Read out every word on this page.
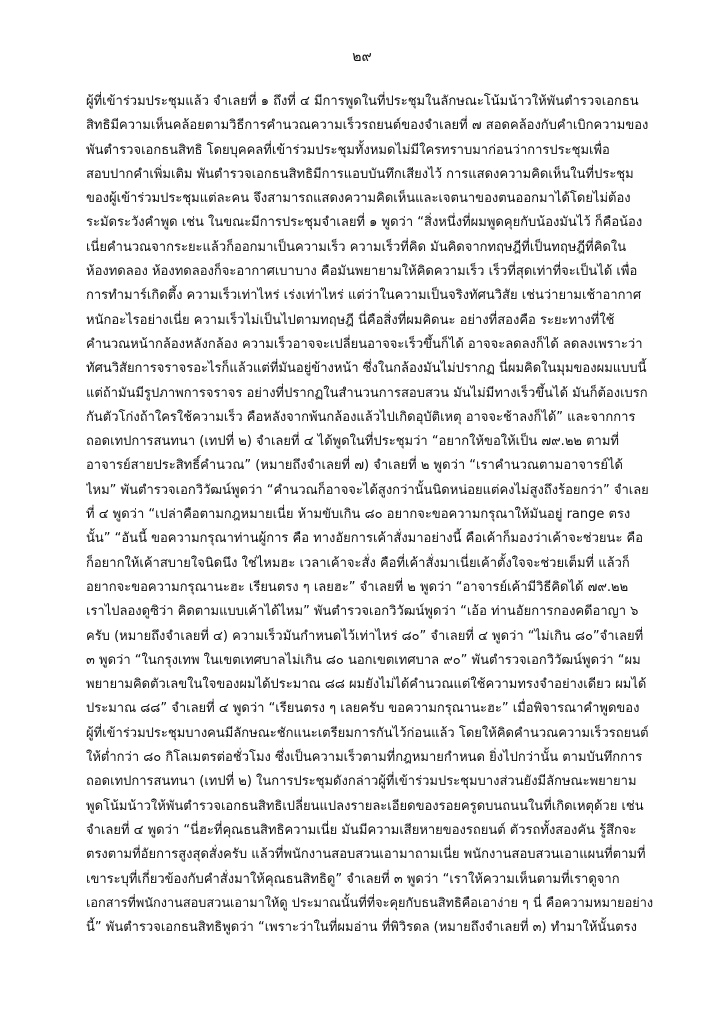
๒๙
ผู้ที่เข้าร่วมประชุมแล้ว จำเลยที่ ๑ ถึงที่ ๔ มีการพูดในที่ประชุมในลักษณะโน้มน้าวให้พันตำรวจเอกธน
สิทธิมีความเห็นคล้อยตามวิธีการคำนวณความเร็วรถยนต์ของจำเลยที่ ๗ สอดคล้องกับคำเบิกความของ
พันตำรวจเอกธนสิทธิ โดยบุคคลที่เข้าร่วมประชุมทั้งหมดไม่มีใครทราบมาก่อนว่าการประชุมเพื่อ
สอบปากคำเพิ่มเติม พันตำรวจเอกธนสิทธิมีการแอบบันทึกเสียงไว้ การแสดงความคิดเห็นในที่ประชุม
ของผู้เข้าร่วมประชุมแต่ละคน จึงสามารถแสดงความคิดเห็นและเจตนาของตนออกมาได้โดยไม่ต้อง
ระมัดระวังคำพูด เช่น ในขณะมีการประชุมจำเลยที่ ๑ พูดว่า “สิ่งหนึ่งที่ผมพูดคุยกับน้องมันไว้ ก็คือน้อง
เนี่ยคำนวณจากระยะแล้วก็ออกมาเป็นความเร็ว ความเร็วที่คิด มันคิดจากทฤษฎีที่เป็นทฤษฎีที่คิดใน
ห้องทดลอง ห้องทดลองก็จะอากาศเบาบาง คือมันพยายามให้คิดความเร็ว เร็วที่สุดเท่าที่จะเป็นได้ เพื่อ
การทำมาร์เกิดตึ้ง ความเร็วเท่าไหร่ เร่งเท่าไหร่ แต่ว่าในความเป็นจริงทัศนวิสัย เช่นว่ายามเช้าอากาศ
หนักอะไรอย่างเนี่ย ความเร็วไม่เป็นไปตามทฤษฎี นี่คือสิ่งที่ผมคิดนะ อย่างที่สองคือ ระยะทางที่ใช้
คำนวณหน้ากล้องหลังกล้อง ความเร็วอาจจะเปลี่ยนอาจจะเร็วขึ้นก็ได้ อาจจะลดลงก็ได้ ลดลงเพราะว่า
ทัศนวิสัยการจราจรอะไรก็แล้วแต่ที่มันอยู่ข้างหน้า ซึ่งในกล้องมันไม่ปรากฏ นี่ผมคิดในมุมของผมแบบนี้
แต่ถ้ามันมีรูปภาพการจราจร อย่างที่ปรากฏในสำนวนการสอบสวน มันไม่มีทางเร็วขึ้นได้ มันก็ต้องเบรก
กันตัวโก่งถ้าใครใช้ความเร็ว คือหลังจากพ้นกล้องแล้วไปเกิดอุบัติเหตุ อาจจะช้าลงก็ได้” และจากการ
ถอดเทปการสนทนา (เทปที่ ๒) จำเลยที่ ๔ ได้พูดในที่ประชุมว่า “อยากให้ขอให้เป็น ๗๙.๒๒ ตามที่
อาจารย์สายประสิทธิ์คำนวณ” (หมายถึงจำเลยที่ ๗) จำเลยที่ ๒ พูดว่า “เราคำนวณตามอาจารย์ได้
ไหม” พันตำรวจเอกวิวัฒน์พูดว่า “คำนวณก็อาจจะได้สูงกว่านั้นนิดหน่อยแต่คงไม่สูงถึงร้อยกว่า” จำเลย
ที่ ๔ พูดว่า “เปล่าคือตามกฎหมายเนี่ย ห้ามขับเกิน ๘๐ อยากจะขอความกรุณาให้มันอยู่ range ตรง
นั้น” “อันนี้ ขอความกรุณาท่านผู้การ คือ ทางอัยการเค้าสั่งมาอย่างนี้ คือเค้าก็มองว่าเค้าจะช่วยนะ คือ
ก็อยากให้เค้าสบายใจนิดนึง ใช่ไหมฮะ เวลาเค้าจะสั่ง คือที่เค้าสั่งมาเนี่ยเค้าตั้งใจจะช่วยเต็มที่ แล้วก็
อยากจะขอความกรุณานะฮะ เรียนตรง ๆ เลยฮะ” จำเลยที่ ๒ พูดว่า “อาจารย์เค้ามีวิธีคิดได้ ๗๙.๒๒
เราไปลองดูซิว่า คิดตามแบบเค้าได้ไหม” พันตำรวจเอกวิวัฒน์พูดว่า “เอ้อ ท่านอัยการกองคดีอาญา ๖
ครับ (หมายถึงจำเลยที่ ๔) ความเร็วมันกำหนดไว้เท่าไหร่ ๘๐” จำเลยที่ ๔ พูดว่า “ไม่เกิน ๘๐”จำเลยที่
๓ พูดว่า “ในกรุงเทพ ในเขตเทศบาลไม่เกิน ๘๐ นอกเขตเทศบาล ๙๐” พันตำรวจเอกวิวัฒน์พูดว่า “ผม
พยายามคิดตัวเลขในใจของผมได้ประมาณ ๘๘ ผมยังไม่ได้คำนวณแต่ใช้ความทรงจำอย่างเดียว ผมได้
ประมาณ ๘๘” จำเลยที่ ๔ พูดว่า “เรียนตรง ๆ เลยครับ ขอความกรุณานะฮะ” เมื่อพิจารณาคำพูดของ
ผู้ที่เข้าร่วมประชุมบางคนมีลักษณะชักแนะเตรียมการกันไว้ก่อนแล้ว โดยให้คิดคำนวณความเร็วรถยนต์
ให้ต่ำกว่า ๘๐ กิโลเมตรต่อชั่วโมง ซึ่งเป็นความเร็วตามที่กฎหมายกำหนด ยิ่งไปกว่านั้น ตามบันทึกการ
ถอดเทปการสนทนา (เทปที่ ๒) ในการประชุมดังกล่าวผู้ที่เข้าร่วมประชุมบางส่วนยังมีลักษณะพยายาม
พูดโน้มน้าวให้พันตำรวจเอกธนสิทธิเปลี่ยนแปลงรายละเอียดของรอยครูดบนถนนในที่เกิดเหตุด้วย เช่น
จำเลยที่ ๔ พูดว่า “นี่ฮะที่คุณธนสิทธิความเนี่ย มันมีความเสียหายของรถยนต์ ตัวรถทั้งสองคัน รู้สึกจะ
ตรงตามที่อัยการสูงสุดสั่งครับ แล้วที่พนักงานสอบสวนเอามาถามเนี่ย พนักงานสอบสวนเอาแผนที่ตามที่
เขาระบุที่เกี่ยวข้องกับคำสั่งมาให้คุณธนสิทธิดู” จำเลยที่ ๓ พูดว่า “เราให้ความเห็นตามที่เราดูจาก
เอกสารที่พนักงานสอบสวนเอามาให้ดู ประมาณนั้นที่ที่จะคุยกับธนสิทธิคือเอาง่าย ๆ นี่ คือความหมายอย่าง
นี้” พันตำรวจเอกธนสิทธิพูดว่า “เพราะว่าในที่ผมอ่าน ที่พิวิรดล (หมายถึงจำเลยที่ ๓) ทำมาให้นั้นตรง
